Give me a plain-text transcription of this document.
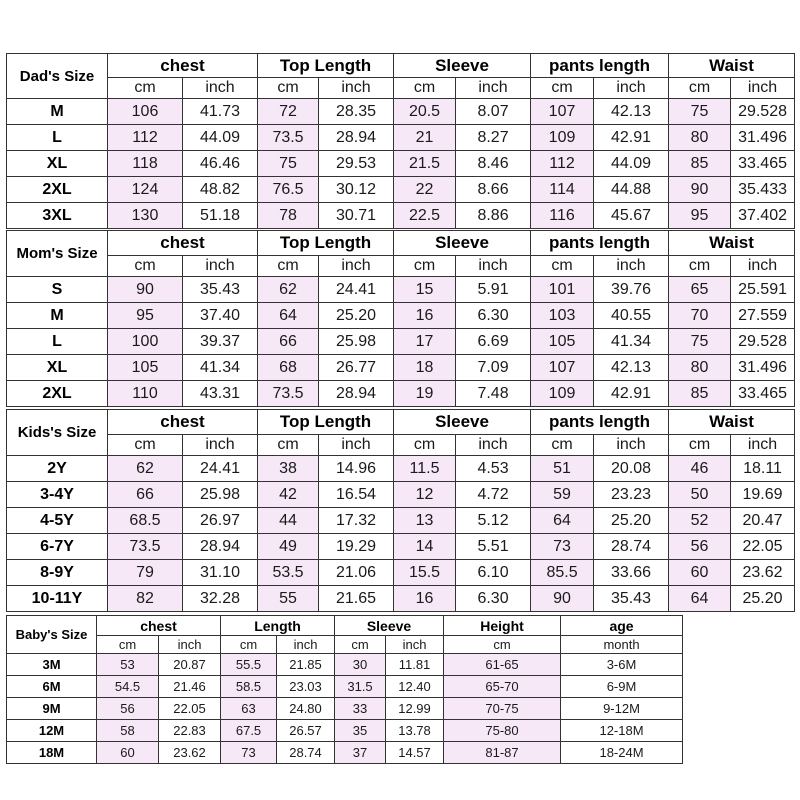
Dad's Size	chest		Top Length		Sleeve		pants length		Waist	
	cm	inch	cm	inch	cm	inch	cm	inch	cm	inch
M	106	41.73	72	28.35	20.5	8.07	107	42.13	75	29.528
L	112	44.09	73.5	28.94	21	8.27	109	42.91	80	31.496
XL	118	46.46	75	29.53	21.5	8.46	112	44.09	85	33.465
2XL	124	48.82	76.5	30.12	22	8.66	114	44.88	90	35.433
3XL	130	51.18	78	30.71	22.5	8.86	116	45.67	95	37.402
Mom's Size	chest		Top Length		Sleeve		pants length		Waist	
	cm	inch	cm	inch	cm	inch	cm	inch	cm	inch
S	90	35.43	62	24.41	15	5.91	101	39.76	65	25.591
M	95	37.40	64	25.20	16	6.30	103	40.55	70	27.559
L	100	39.37	66	25.98	17	6.69	105	41.34	75	29.528
XL	105	41.34	68	26.77	18	7.09	107	42.13	80	31.496
2XL	110	43.31	73.5	28.94	19	7.48	109	42.91	85	33.465
Kids's Size	chest		Top Length		Sleeve		pants length		Waist	
	cm	inch	cm	inch	cm	inch	cm	inch	cm	inch
2Y	62	24.41	38	14.96	11.5	4.53	51	20.08	46	18.11
3-4Y	66	25.98	42	16.54	12	4.72	59	23.23	50	19.69
4-5Y	68.5	26.97	44	17.32	13	5.12	64	25.20	52	20.47
6-7Y	73.5	28.94	49	19.29	14	5.51	73	28.74	56	22.05
8-9Y	79	31.10	53.5	21.06	15.5	6.10	85.5	33.66	60	23.62
10-11Y	82	32.28	55	21.65	16	6.30	90	35.43	64	25.20
Baby's Size	chest		Length		Sleeve		Height	age
	cm	inch	cm	inch	cm	inch	cm	month
3M	53	20.87	55.5	21.85	30	11.81	61-65	3-6M
6M	54.5	21.46	58.5	23.03	31.5	12.40	65-70	6-9M
9M	56	22.05	63	24.80	33	12.99	70-75	9-12M
12M	58	22.83	67.5	26.57	35	13.78	75-80	12-18M
18M	60	23.62	73	28.74	37	14.57	81-87	18-24M
